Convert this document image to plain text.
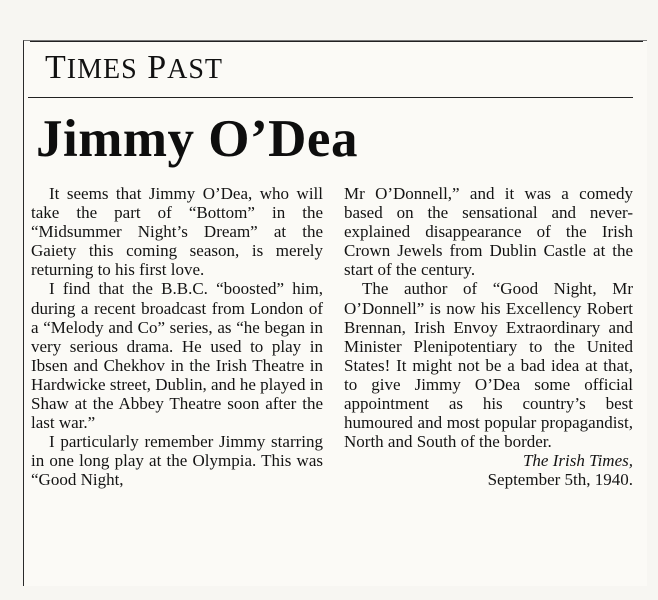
TIMES PAST
Jimmy O’Dea

It seems that Jimmy O’Dea, who will take the part of “Bottom” in the “Midsummer Night’s Dream” at the Gaiety this coming season, is merely returning to his first love.

I find that the B.B.C. “boosted” him, during a recent broadcast from London of a “Melody and Co” series, as “he began in very serious drama. He used to play in Ibsen and Chekhov in the Irish Theatre in Hardwicke street, Dublin, and he played in Shaw at the Abbey Theatre soon after the last war.”

I particularly remember Jimmy starring in one long play at the Olympia. This was “Good Night,

Mr O’Donnell,” and it was a comedy based on the sensational and never-explained disappearance of the Irish Crown Jewels from Dublin Castle at the start of the century.

The author of “Good Night, Mr O’Donnell” is now his Excellency Robert Brennan, Irish Envoy Extraordinary and Minister Plenipotentiary to the United States! It might not be a bad idea at that, to give Jimmy O’Dea some official appointment as his country’s best humoured and most popular propagandist, North and South of the border.

The Irish Times,
September 5th, 1940.
